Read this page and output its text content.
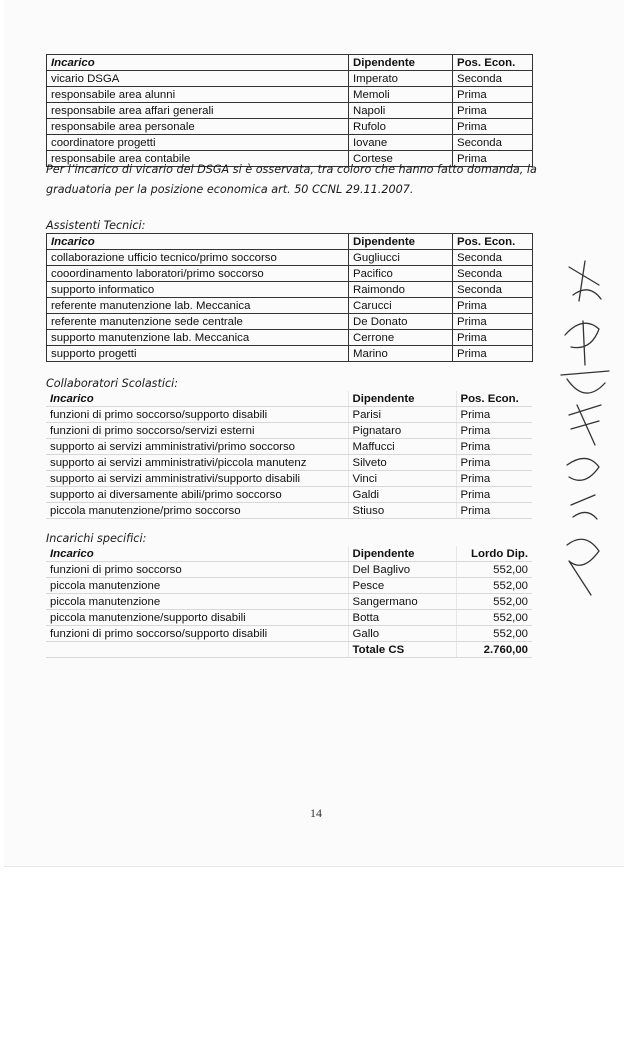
Incarico	Dipendente	Pos. Econ.
vicario DSGA	Imperato	Seconda
responsabile area alunni	Memoli	Prima
responsabile area affari generali	Napoli	Prima
responsabile area personale	Rufolo	Prima
coordinatore progetti	Iovane	Seconda
responsabile area contabile	Cortese	Prima
Per l’incarico di vicario del DSGA si è osservata, tra coloro che hanno fatto domanda, la
graduatoria per la posizione economica art. 50 CCNL 29.11.2007.
Assistenti Tecnici:
Incarico	Dipendente	Pos. Econ.
collaborazione ufficio tecnico/primo soccorso	Gugliucci	Seconda
cooordinamento laboratori/primo soccorso	Pacifico	Seconda
supporto informatico	Raimondo	Seconda
referente manutenzione lab. Meccanica	Carucci	Prima
referente manutenzione sede centrale	De Donato	Prima
supporto manutenzione lab. Meccanica	Cerrone	Prima
supporto progetti	Marino	Prima
Collaboratori Scolastici:
Incarico	Dipendente	Pos. Econ.
funzioni di primo soccorso/supporto disabili	Parisi	Prima
funzioni di primo soccorso/servizi esterni	Pignataro	Prima
supporto ai servizi amministrativi/primo soccorso	Maffucci	Prima
supporto ai servizi amministrativi/piccola manutenz	Silveto	Prima
supporto ai servizi amministrativi/supporto disabili	Vinci	Prima
supporto ai diversamente abili/primo soccorso	Galdi	Prima
piccola manutenzione/primo soccorso	Stiuso	Prima
Incarichi specifici:
Incarico	Dipendente	Lordo Dip.
funzioni di primo soccorso	Del Baglivo	552,00
piccola manutenzione	Pesce	552,00
piccola manutenzione	Sangermano	552,00
piccola manutenzione/supporto disabili	Botta	552,00
funzioni di primo soccorso/supporto disabili	Gallo	552,00
	Totale CS	2.760,00
14
